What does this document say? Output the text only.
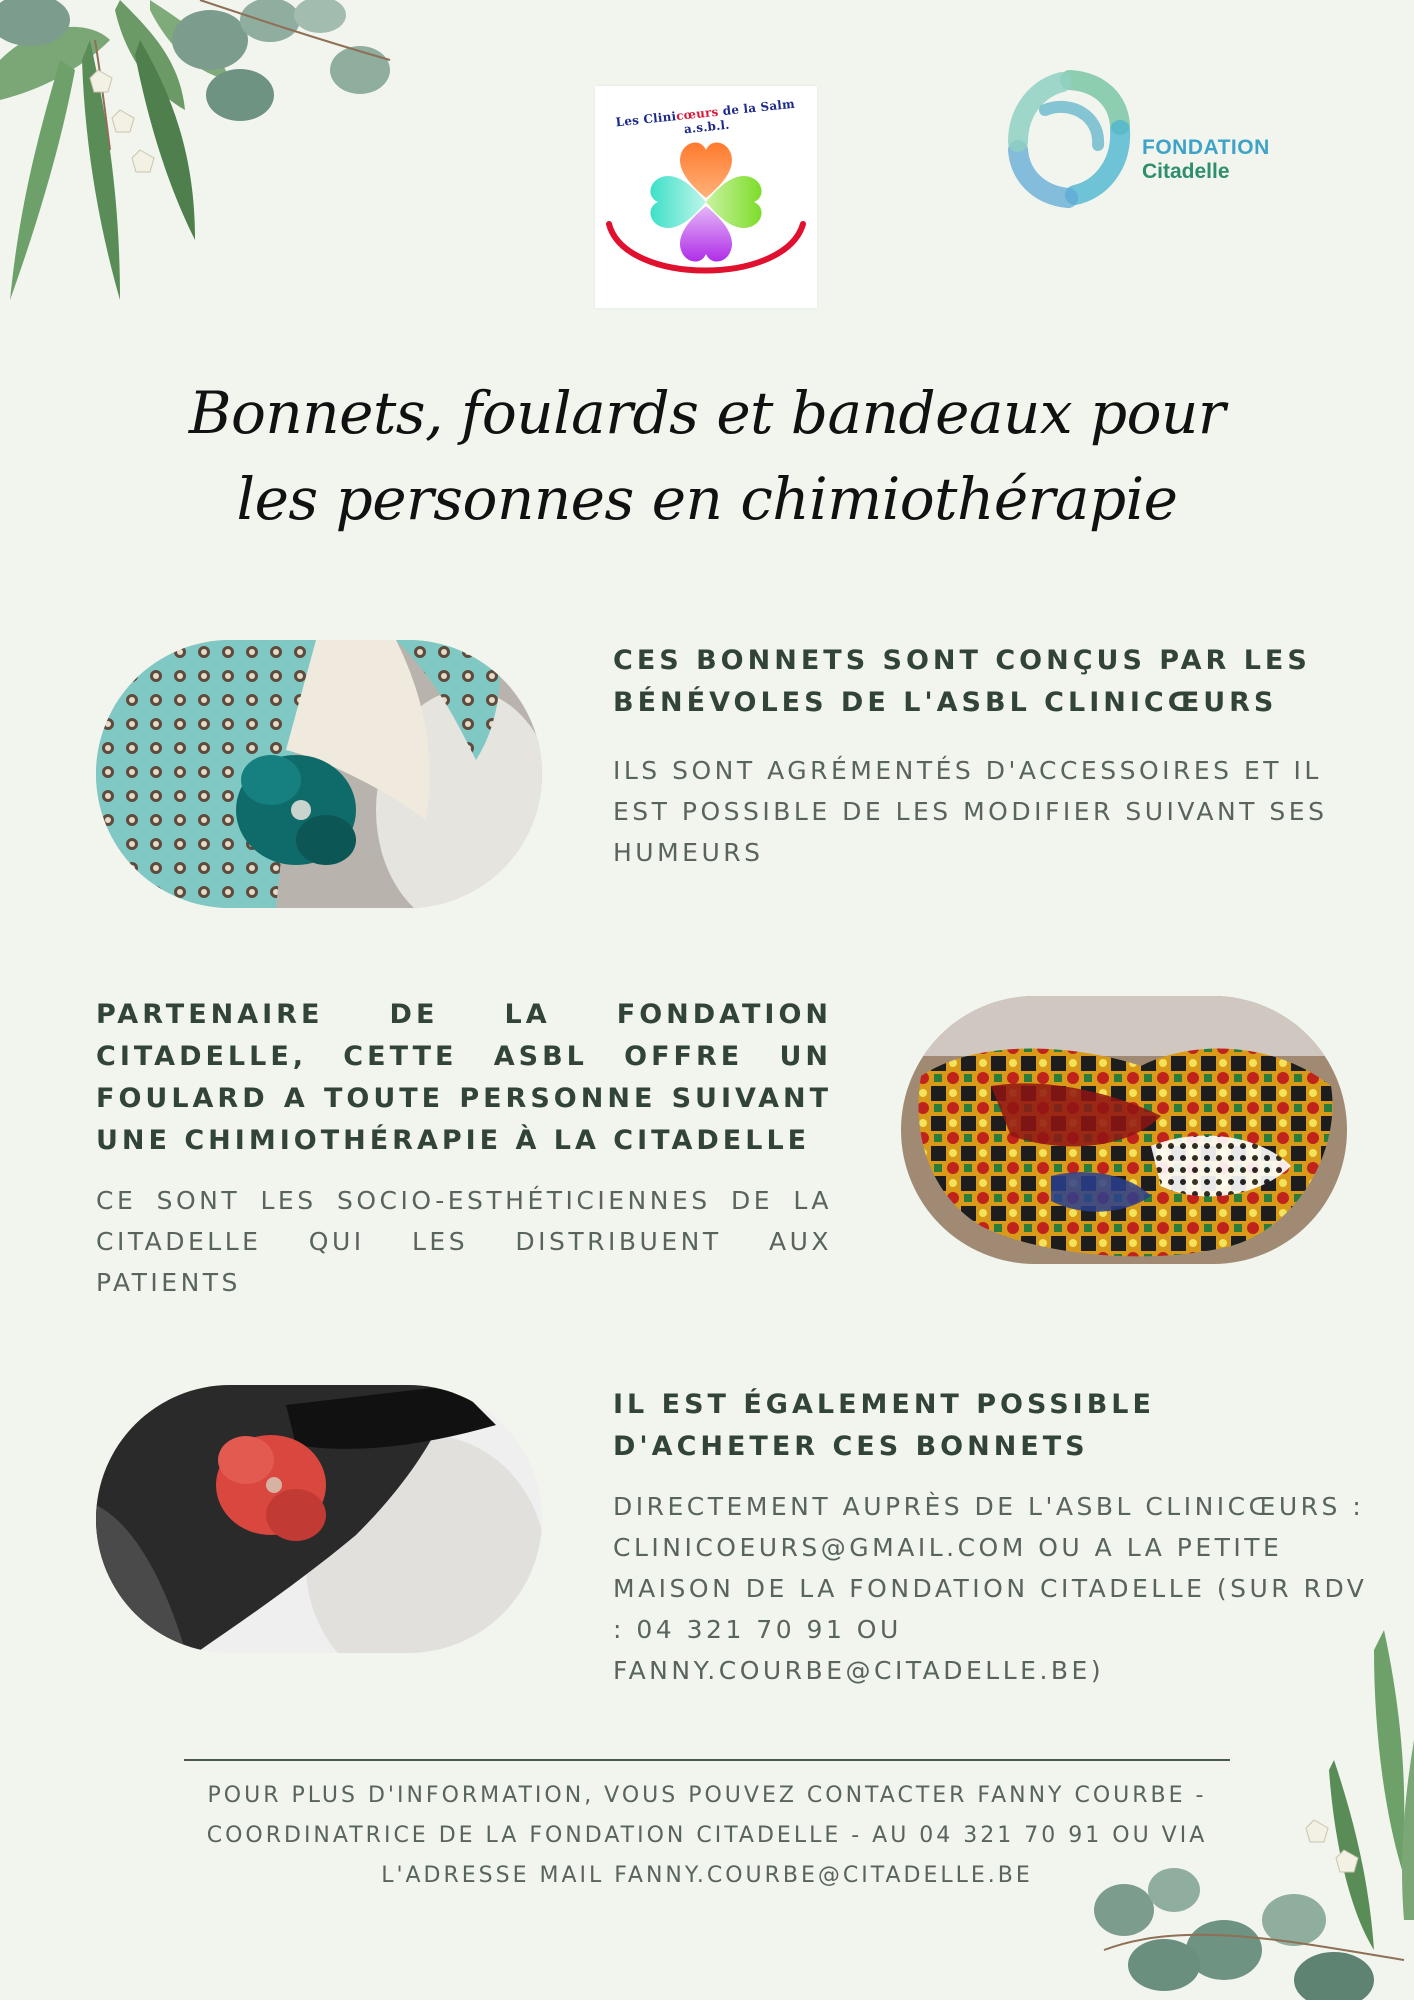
Les Clinicœurs de la Salm a.s.b.l.
FONDATION
Citadelle
Bonnets, foulards et bandeaux pour
les personnes en chimiothérapie

CES BONNETS SONT CONÇUS PAR LES BÉNÉVOLES DE L'ASBL CLINICŒURS

ILS SONT AGRÉMENTÉS D'ACCESSOIRES ET IL EST POSSIBLE DE LES MODIFIER SUIVANT SES HUMEURS

PARTENAIRE DE LA FONDATION CITADELLE, CETTE ASBL OFFRE UN FOULARD A TOUTE PERSONNE SUIVANT UNE CHIMIOTHÉRAPIE À LA CITADELLE

CE SONT LES SOCIO-ESTHÉTICIENNES DE LA CITADELLE QUI LES DISTRIBUENT AUX PATIENTS

IL EST ÉGALEMENT POSSIBLE D'ACHETER CES BONNETS

DIRECTEMENT AUPRÈS DE L'ASBL CLINICŒURS : CLINICOEURS@GMAIL.COM OU A LA PETITE MAISON DE LA FONDATION CITADELLE (SUR RDV : 04 321 70 91 OU FANNY.COURBE@CITADELLE.BE)

POUR PLUS D'INFORMATION, VOUS POUVEZ CONTACTER FANNY COURBE - COORDINATRICE DE LA FONDATION CITADELLE - AU 04 321 70 91 OU VIA L'ADRESSE MAIL FANNY.COURBE@CITADELLE.BE
